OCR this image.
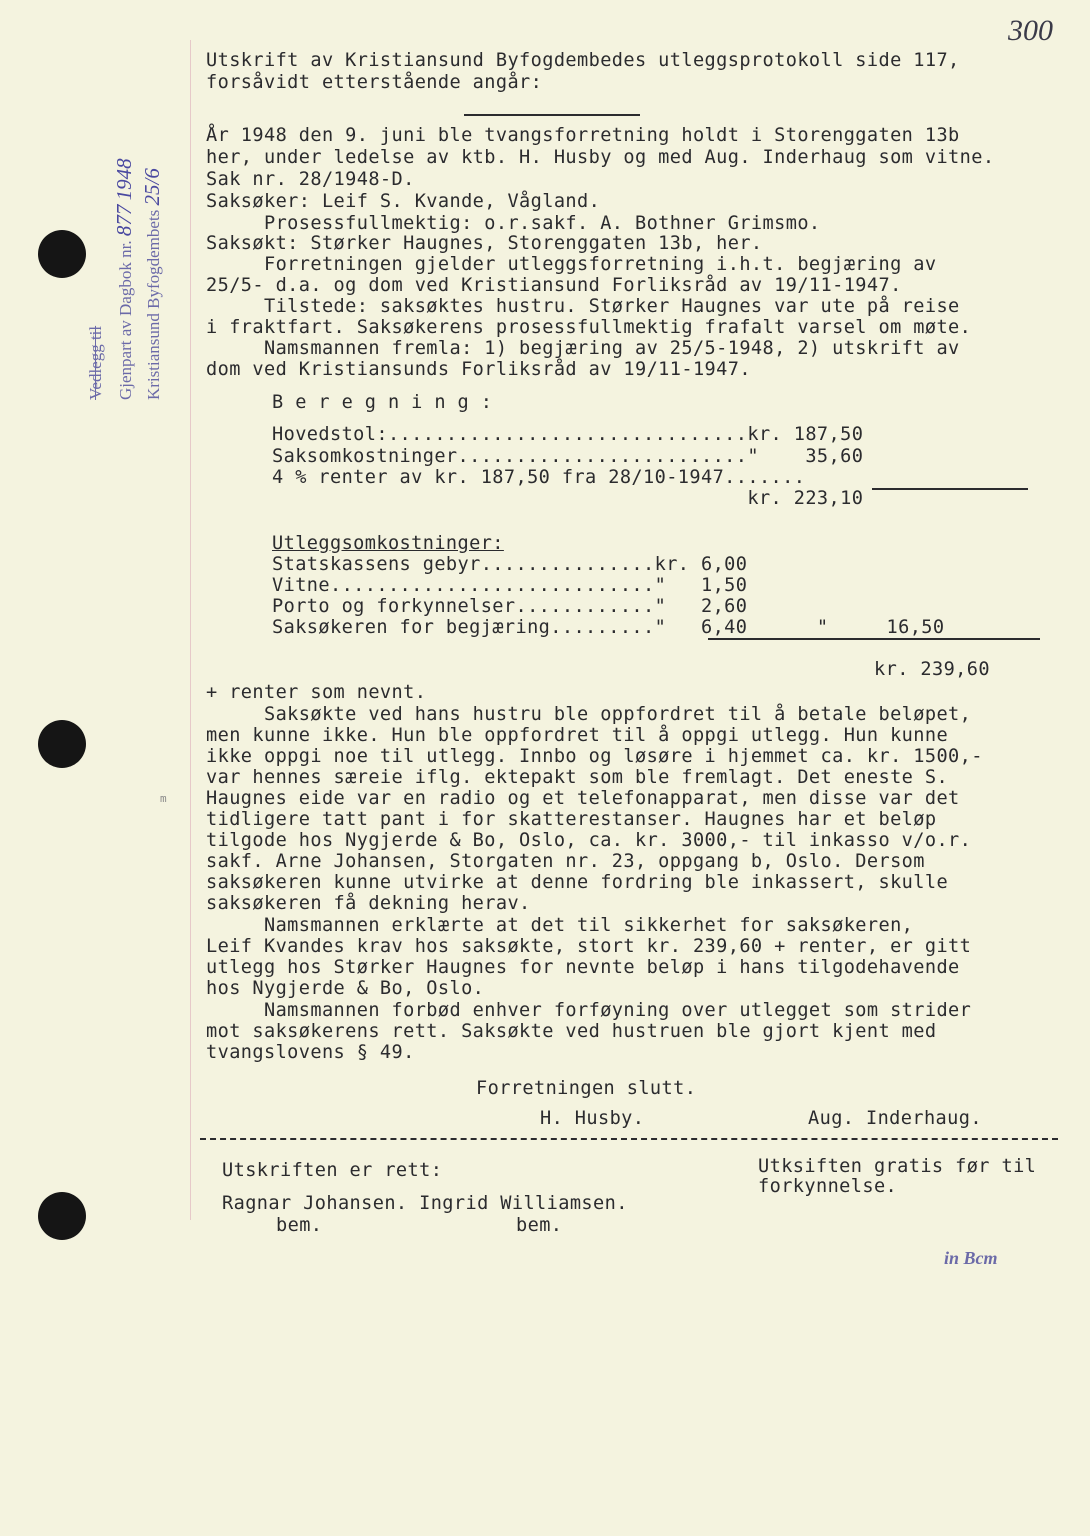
300
Vedlegg til Gjenpart av Dagbok nr. 877 1948
Kristiansund Byfogdembets 25/6
Utskrift av Kristiansund Byfogdembedes utleggsprotokoll side 117,
forsåvidt etterstående angår:
År 1948 den 9. juni ble tvangsforretning holdt i Storenggaten 13b
her, under ledelse av ktb. H. Husby og med Aug. Inderhaug som vitne.
Sak nr. 28/1948-D.
Saksøker: Leif S. Kvande, Vågland.
Prosessfullmektig: o.r.sakf. A. Bothner Grimsmo.
Saksøkt: Størker Haugnes, Storenggaten 13b, her.
Forretningen gjelder utleggsforretning i.h.t. begjæring av
25/5- d.a. og dom ved Kristiansund Forliksråd av 19/11-1947.
Tilstede: saksøktes hustru. Størker Haugnes var ute på reise
i fraktfart. Saksøkerens prosessfullmektig frafalt varsel om møte.
Namsmannen fremla: 1) begjæring av 25/5-1948, 2) utskrift av
dom ved Kristiansunds Forliksråd av 19/11-1947.
B e r e g n i n g :
Hovedstol:...............................kr. 187,50
Saksomkostninger........................."    35,60
4 % renter av kr. 187,50 fra 28/10-1947.......
kr. 223,10
Utleggsomkostninger:
Statskassens gebyr...............kr. 6,00
Vitne............................"   1,50
Porto og forkynnelser............"   2,60
Saksøkeren for begjæring........."   6,40      "     16,50
kr. 239,60
+ renter som nevnt.
Saksøkte ved hans hustru ble oppfordret til å betale beløpet,
men kunne ikke. Hun ble oppfordret til å oppgi utlegg. Hun kunne
ikke oppgi noe til utlegg. Innbo og løsøre i hjemmet ca. kr. 1500,-
var hennes særeie iflg. ektepakt som ble fremlagt. Det eneste S.
Haugnes eide var en radio og et telefonapparat, men disse var det
tidligere tatt pant i for skatterestanser. Haugnes har et beløp
tilgode hos Nygjerde & Bo, Oslo, ca. kr. 3000,- til inkasso v/o.r.
sakf. Arne Johansen, Storgaten nr. 23, oppgang b, Oslo. Dersom
saksøkeren kunne utvirke at denne fordring ble inkassert, skulle
saksøkeren få dekning herav.
Namsmannen erklærte at det til sikkerhet for saksøkeren,
Leif Kvandes krav hos saksøkte, stort kr. 239,60 + renter, er gitt
utlegg hos Størker Haugnes for nevnte beløp i hans tilgodehavende
hos Nygjerde & Bo, Oslo.
Namsmannen forbød enhver forføyning over utlegget som strider
mot saksøkerens rett. Saksøkte ved hustruen ble gjort kjent med
tvangslovens § 49.
m
Forretningen slutt.
H. Husby.	Aug. Inderhaug.
Utskriften er rett:
Ragnar Johansen. Ingrid Williamsen.
bem.	bem.
Utksiften gratis før til
forkynnelse.
in Bcm
